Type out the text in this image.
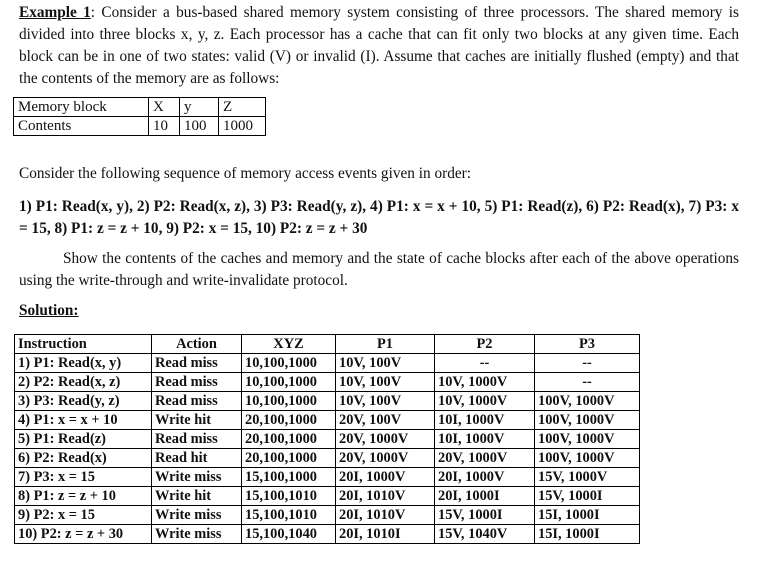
Example 1: Consider a bus-based shared memory system consisting of three processors. The shared memory is divided into three blocks x, y, z. Each processor has a cache that can fit only two blocks at any given time. Each block can be in one of two states: valid (V) or invalid (I). Assume that caches are initially flushed (empty) and that the contents of the memory are as follows:

Memory block	X	y	Z
Contents	10	100	1000

Consider the following sequence of memory access events given in order:

1) P1: Read(x, y), 2) P2: Read(x, z), 3) P3: Read(y, z), 4) P1: x = x + 10, 5) P1: Read(z), 6) P2: Read(x), 7) P3: x = 15, 8) P1: z = z + 10, 9) P2: x = 15, 10) P2: z = z + 30

Show the contents of the caches and memory and the state of cache blocks after each of the above operations using the write-through and write-invalidate protocol.

Solution:
Instruction	Action	XYZ	P1	P2	P3
1) P1: Read(x, y)	Read miss	10,100,1000	10V, 100V	--	--
2) P2: Read(x, z)	Read miss	10,100,1000	10V, 100V	10V, 1000V	--
3) P3: Read(y, z)	Read miss	10,100,1000	10V, 100V	10V, 1000V	100V, 1000V
4) P1: x = x + 10	Write hit	20,100,1000	20V, 100V	10I, 1000V	100V, 1000V
5) P1: Read(z)	Read miss	20,100,1000	20V, 1000V	10I, 1000V	100V, 1000V
6) P2: Read(x)	Read hit	20,100,1000	20V, 1000V	20V, 1000V	100V, 1000V
7) P3: x = 15	Write miss	15,100,1000	20I, 1000V	20I, 1000V	15V, 1000V
8) P1: z = z + 10	Write hit	15,100,1010	20I, 1010V	20I, 1000I	15V, 1000I
9) P2: x = 15	Write miss	15,100,1010	20I, 1010V	15V, 1000I	15I, 1000I
10) P2: z = z + 30	Write miss	15,100,1040	20I, 1010I	15V, 1040V	15I, 1000I
